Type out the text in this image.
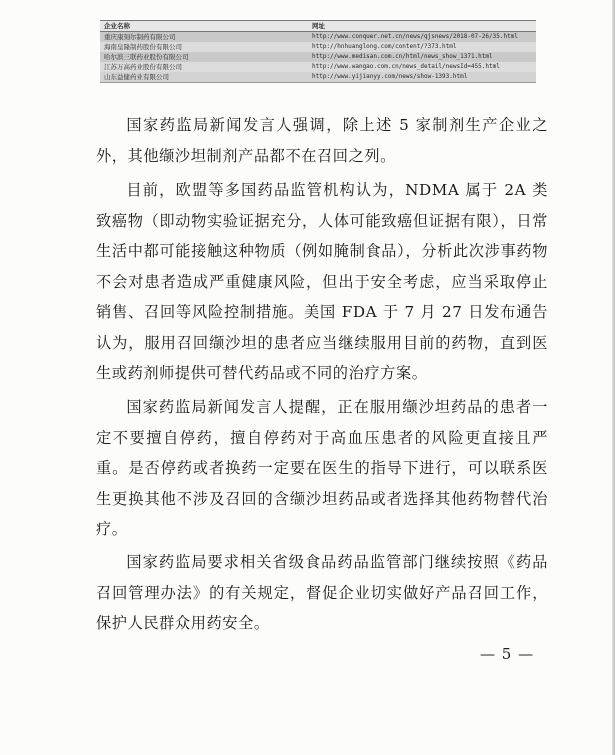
企业名称	网址
重庆康刻尔制药有限公司	http://www.conquer.net.cn/news/qjsnews/2018-07-26/35.html
海南皇隆制药股份有限公司	http://hnhuanglong.com/content/?373.html
哈尔滨三联药业股份有限公司	http://www.medisan.com.cn/html/news_show_1371.html
江苏万高药业股份有限公司	http://www.wangao.com.cn/news_detail/newsId=455.html
山东益健药业有限公司	http://www.yijianyy.com/news/show-1393.html

国家药监局新闻发言人强调，除上述 5 家制剂生产企业之外，其他缬沙坦制剂产品都不在召回之列。

目前，欧盟等多国药品监管机构认为，NDMA 属于 2A 类致癌物（即动物实验证据充分，人体可能致癌但证据有限），日常生活中都可能接触这种物质（例如腌制食品），分析此次涉事药物不会对患者造成严重健康风险，但出于安全考虑，应当采取停止销售、召回等风险控制措施。美国 FDA 于 7 月 27 日发布通告认为，服用召回缬沙坦的患者应当继续服用目前的药物，直到医生或药剂师提供可替代药品或不同的治疗方案。

国家药监局新闻发言人提醒，正在服用缬沙坦药品的患者一定不要擅自停药，擅自停药对于高血压患者的风险更直接且严重。是否停药或者换药一定要在医生的指导下进行，可以联系医生更换其他不涉及召回的含缬沙坦药品或者选择其他药物替代治疗。

国家药监局要求相关省级食品药品监管部门继续按照《药品召回管理办法》的有关规定，督促企业切实做好产品召回工作，保护人民群众用药安全。

— 5 —
